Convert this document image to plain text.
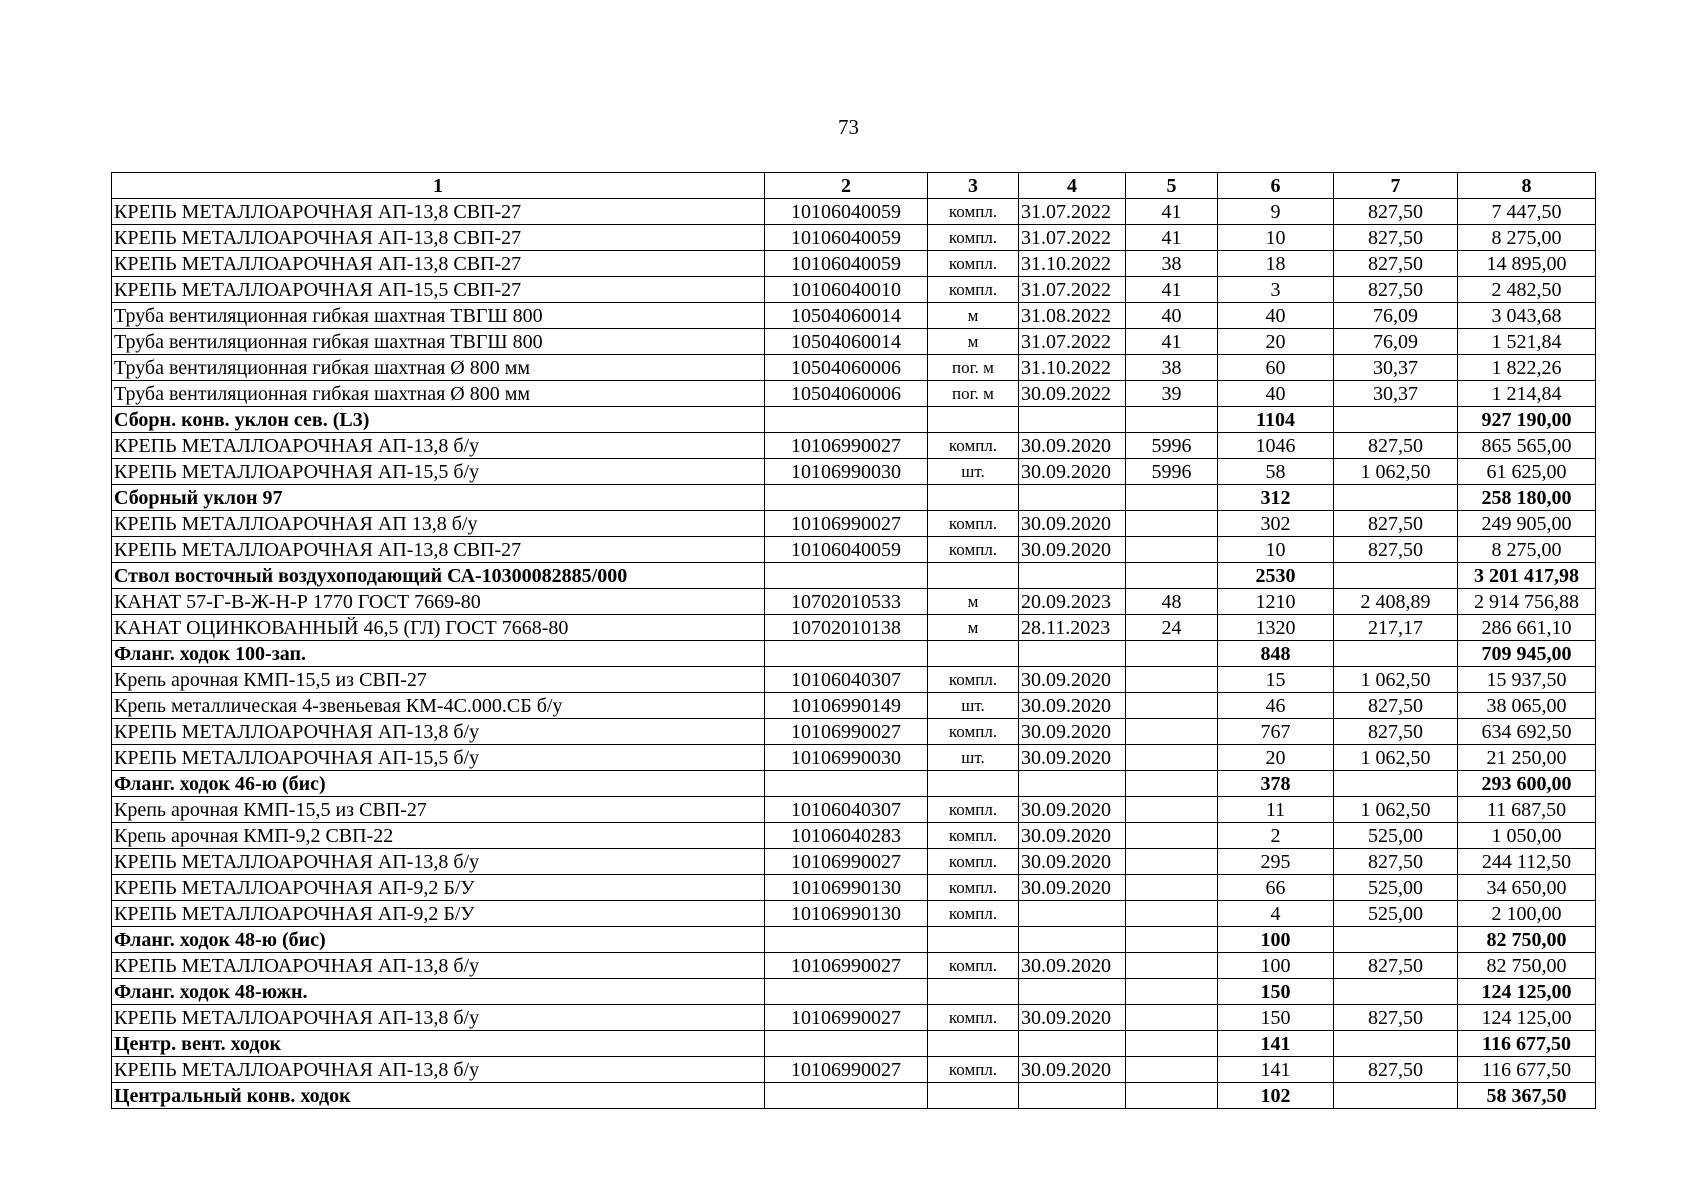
73
1	2	3	4	5	6	7	8
КРЕПЬ МЕТАЛЛОАРОЧНАЯ АП-13,8 СВП-27	10106040059	компл.	31.07.2022	41	9	827,50	7 447,50
КРЕПЬ МЕТАЛЛОАРОЧНАЯ АП-13,8 СВП-27	10106040059	компл.	31.07.2022	41	10	827,50	8 275,00
КРЕПЬ МЕТАЛЛОАРОЧНАЯ АП-13,8 СВП-27	10106040059	компл.	31.10.2022	38	18	827,50	14 895,00
КРЕПЬ МЕТАЛЛОАРОЧНАЯ АП-15,5 СВП-27	10106040010	компл.	31.07.2022	41	3	827,50	2 482,50
Труба вентиляционная гибкая шахтная ТВГШ 800	10504060014	м	31.08.2022	40	40	76,09	3 043,68
Труба вентиляционная гибкая шахтная ТВГШ 800	10504060014	м	31.07.2022	41	20	76,09	1 521,84
Труба вентиляционная гибкая шахтная Ø 800 мм	10504060006	пог. м	31.10.2022	38	60	30,37	1 822,26
Труба вентиляционная гибкая шахтная Ø 800 мм	10504060006	пог. м	30.09.2022	39	40	30,37	1 214,84
Сборн. конв. уклон сев. (L3)					1104		927 190,00
КРЕПЬ МЕТАЛЛОАРОЧНАЯ АП-13,8 б/у	10106990027	компл.	30.09.2020	5996	1046	827,50	865 565,00
КРЕПЬ МЕТАЛЛОАРОЧНАЯ АП-15,5 б/у	10106990030	шт.	30.09.2020	5996	58	1 062,50	61 625,00
Сборный уклон 97					312		258 180,00
КРЕПЬ МЕТАЛЛОАРОЧНАЯ АП 13,8 б/у	10106990027	компл.	30.09.2020		302	827,50	249 905,00
КРЕПЬ МЕТАЛЛОАРОЧНАЯ АП-13,8 СВП-27	10106040059	компл.	30.09.2020		10	827,50	8 275,00
Ствол восточный воздухоподающий СА-10300082885/000					2530		3 201 417,98
КАНАТ 57-Г-В-Ж-Н-Р 1770 ГОСТ 7669-80	10702010533	м	20.09.2023	48	1210	2 408,89	2 914 756,88
КАНАТ ОЦИНКОВАННЫЙ 46,5 (ГЛ) ГОСТ 7668-80	10702010138	м	28.11.2023	24	1320	217,17	286 661,10
Фланг. ходок 100-зап.					848		709 945,00
Крепь арочная КМП-15,5 из СВП-27	10106040307	компл.	30.09.2020		15	1 062,50	15 937,50
Крепь металлическая 4-звеньевая КМ-4С.000.СБ б/у	10106990149	шт.	30.09.2020		46	827,50	38 065,00
КРЕПЬ МЕТАЛЛОАРОЧНАЯ АП-13,8 б/у	10106990027	компл.	30.09.2020		767	827,50	634 692,50
КРЕПЬ МЕТАЛЛОАРОЧНАЯ АП-15,5 б/у	10106990030	шт.	30.09.2020		20	1 062,50	21 250,00
Фланг. ходок 46-ю (бис)					378		293 600,00
Крепь арочная КМП-15,5 из СВП-27	10106040307	компл.	30.09.2020		11	1 062,50	11 687,50
Крепь арочная КМП-9,2 СВП-22	10106040283	компл.	30.09.2020		2	525,00	1 050,00
КРЕПЬ МЕТАЛЛОАРОЧНАЯ АП-13,8 б/у	10106990027	компл.	30.09.2020		295	827,50	244 112,50
КРЕПЬ МЕТАЛЛОАРОЧНАЯ АП-9,2 Б/У	10106990130	компл.	30.09.2020		66	525,00	34 650,00
КРЕПЬ МЕТАЛЛОАРОЧНАЯ АП-9,2 Б/У	10106990130	компл.			4	525,00	2 100,00
Фланг. ходок 48-ю (бис)					100		82 750,00
КРЕПЬ МЕТАЛЛОАРОЧНАЯ АП-13,8 б/у	10106990027	компл.	30.09.2020		100	827,50	82 750,00
Фланг. ходок 48-южн.					150		124 125,00
КРЕПЬ МЕТАЛЛОАРОЧНАЯ АП-13,8 б/у	10106990027	компл.	30.09.2020		150	827,50	124 125,00
Центр. вент. ходок					141		116 677,50
КРЕПЬ МЕТАЛЛОАРОЧНАЯ АП-13,8 б/у	10106990027	компл.	30.09.2020		141	827,50	116 677,50
Центральный конв. ходок					102		58 367,50
